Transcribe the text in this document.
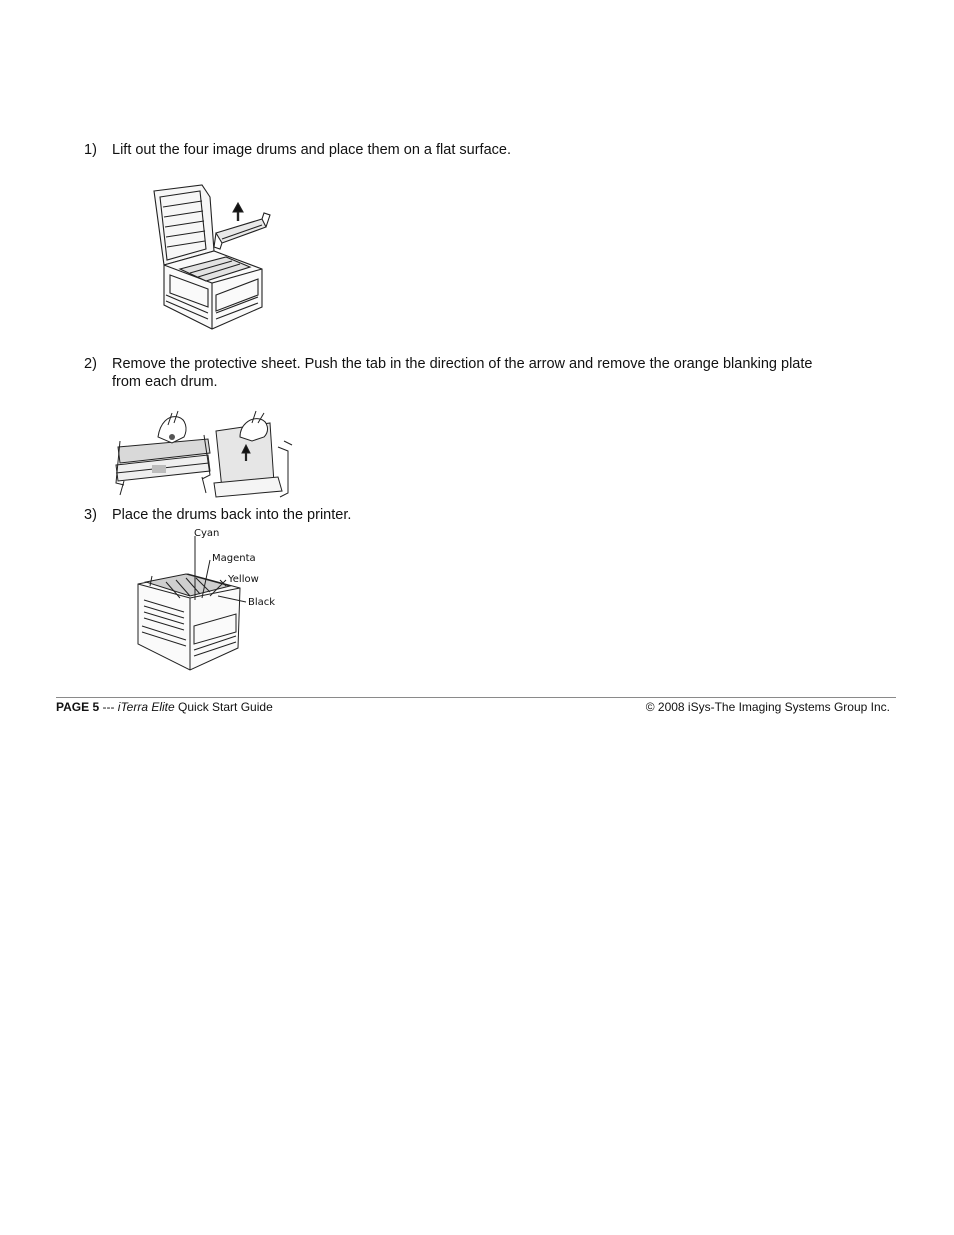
1) Lift out the four image drums and place them on a flat surface.
2) Remove the protective sheet. Push the tab in the direction of the arrow and remove the orange blanking plate
from each drum.
3) Place the drums back into the printer.
Cyan
Magenta
Yellow
Black
PAGE 5 --- iTerra Elite Quick Start Guide	© 2008 iSys-The Imaging Systems Group Inc.
